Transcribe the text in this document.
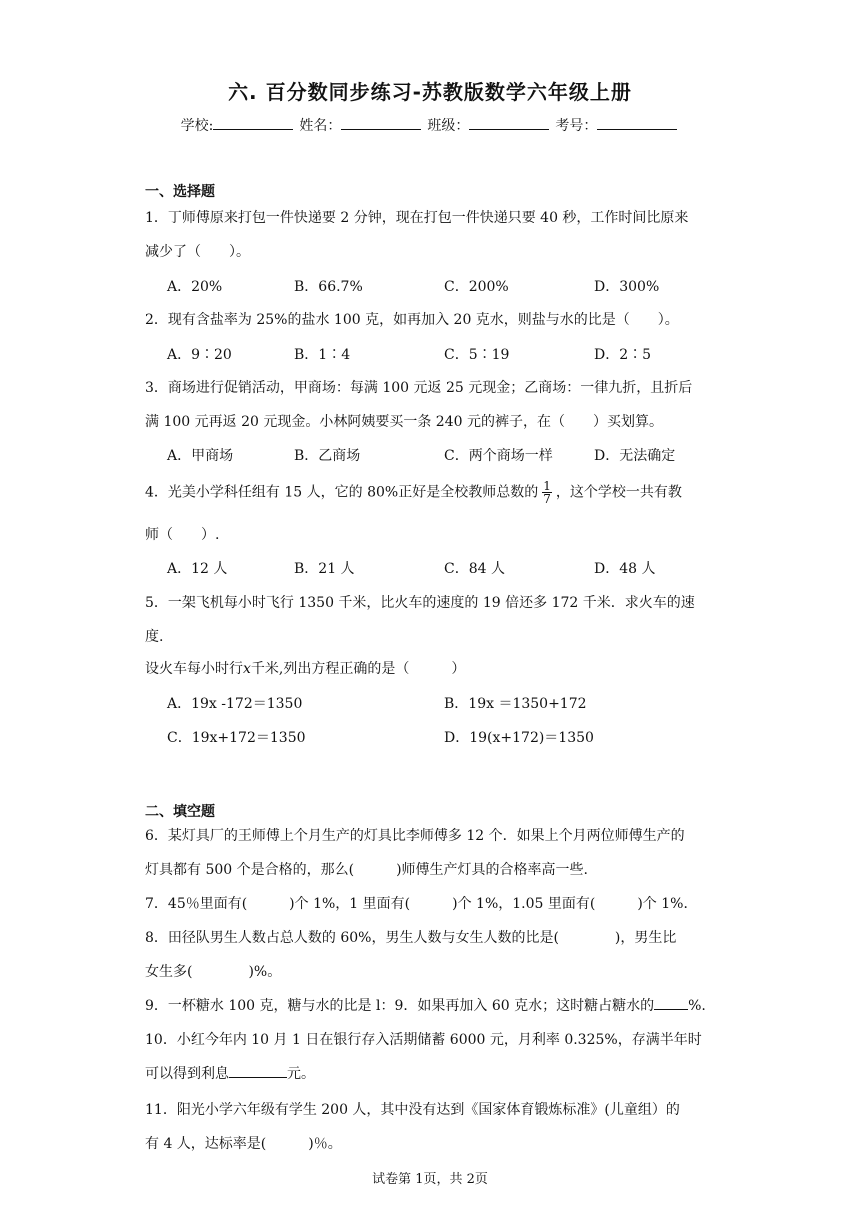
六. 百分数同步练习-苏教版数学六年级上册
学校:	姓名：	班级：	考号：
一、选择题
1．丁师傅原来打包一件快递要 2 分钟，现在打包一件快递只要 40 秒，工作时间比原来
减少了（　　）。
A．20%	B．66.7%	C．200%	D．300%
2．现有含盐率为 25%的盐水 100 克，如再加入 20 克水，则盐与水的比是（　　）。
A．9∶20	B．1∶4	C．5∶19	D．2∶5
3．商场进行促销活动，甲商场：每满 100 元返 25 元现金；乙商场：一律九折，且折后
满 100 元再返 20 元现金。小林阿姨要买一条 240 元的裤子，在（　　）买划算。
A．甲商场	B．乙商场	C．两个商场一样	D．无法确定
4．光美小学科任组有 15 人，它的 80%正好是全校教师总数的 $\frac{1}{7}$ ，这个学校一共有教
师（　　）.
A．12 人	B．21 人	C．84 人	D．48 人
5．一架飞机每小时飞行 1350 千米，比火车的速度的 19 倍还多 172 千米．求火车的速
度.
设火车每小时行x千米,列出方程正确的是（　　　）
A．19x -172＝1350	B．19x ＝1350+172
C．19x+172＝1350	D．19(x+172)＝1350
二、填空题
6．某灯具厂的王师傅上个月生产的灯具比李师傅多 12 个．如果上个月两位师傅生产的
灯具都有 500 个是合格的，那么(　　　)师傅生产灯具的合格率高一些.
7．45％里面有(　　　)个 1%，1 里面有(　　　)个 1%，1.05 里面有(　　　)个 1%．
8．田径队男生人数占总人数的 60%，男生人数与女生人数的比是(　　　　)，男生比
女生多(　　　　)%。
9．一杯糖水 100 克，糖与水的比是 l：9．如果再加入 60 克水；这时糖占糖水的 %.
10．小红今年内 10 月 1 日在银行存入活期储蓄 6000 元，月利率 0.325%，存满半年时
可以得到利息	元。
11．阳光小学六年级有学生 200 人，其中没有达到《国家体育锻炼标准》(儿童组）的
有 4 人，达标率是(　　　)％。
试卷第 1页，共 2页
